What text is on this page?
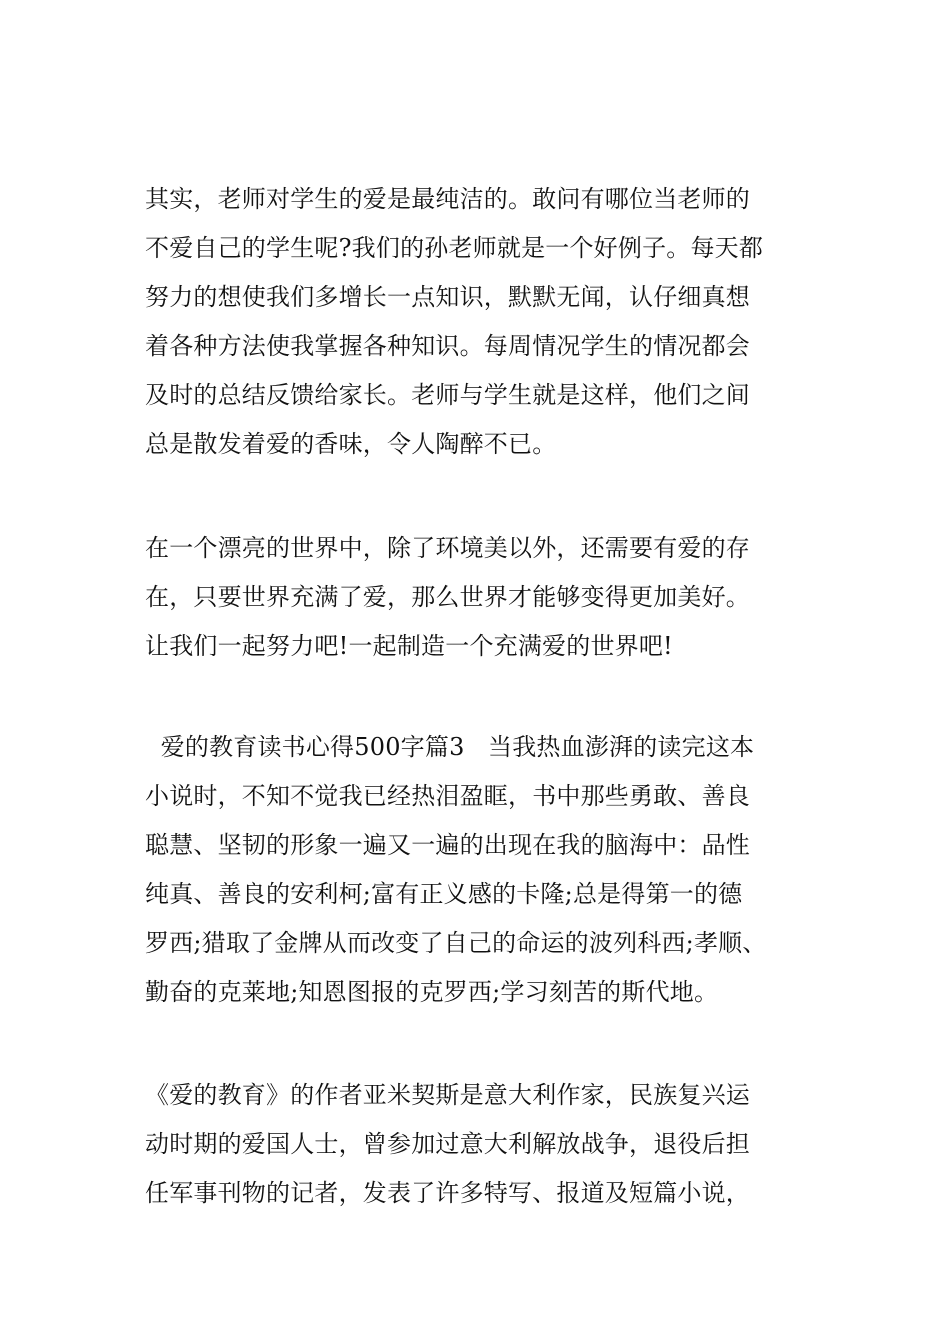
其实，老师对学生的爱是最纯洁的。敢问有哪位当老师的
不爱自己的学生呢?我们的孙老师就是一个好例子。每天都
努力的想使我们多增长一点知识，默默无闻，认仔细真想
着各种方法使我掌握各种知识。每周情况学生的情况都会
及时的总结反馈给家长。老师与学生就是这样，他们之间
总是散发着爱的香味，令人陶醉不已。
在一个漂亮的世界中，除了环境美以外，还需要有爱的存
在，只要世界充满了爱，那么世界才能够变得更加美好。
让我们一起努力吧!一起制造一个充满爱的世界吧!
爱的教育读书心得500字篇3   当我热血澎湃的读完这本
小说时，不知不觉我已经热泪盈眶，书中那些勇敢、善良
聪慧、坚韧的形象一遍又一遍的出现在我的脑海中：品性
纯真、善良的安利柯;富有正义感的卡隆;总是得第一的德
罗西;猎取了金牌从而改变了自己的命运的波列科西;孝顺、
勤奋的克莱地;知恩图报的克罗西;学习刻苦的斯代地。
《爱的教育》的作者亚米契斯是意大利作家，民族复兴运
动时期的爱国人士，曾参加过意大利解放战争，退役后担
任军事刊物的记者，发表了许多特写、报道及短篇小说，
